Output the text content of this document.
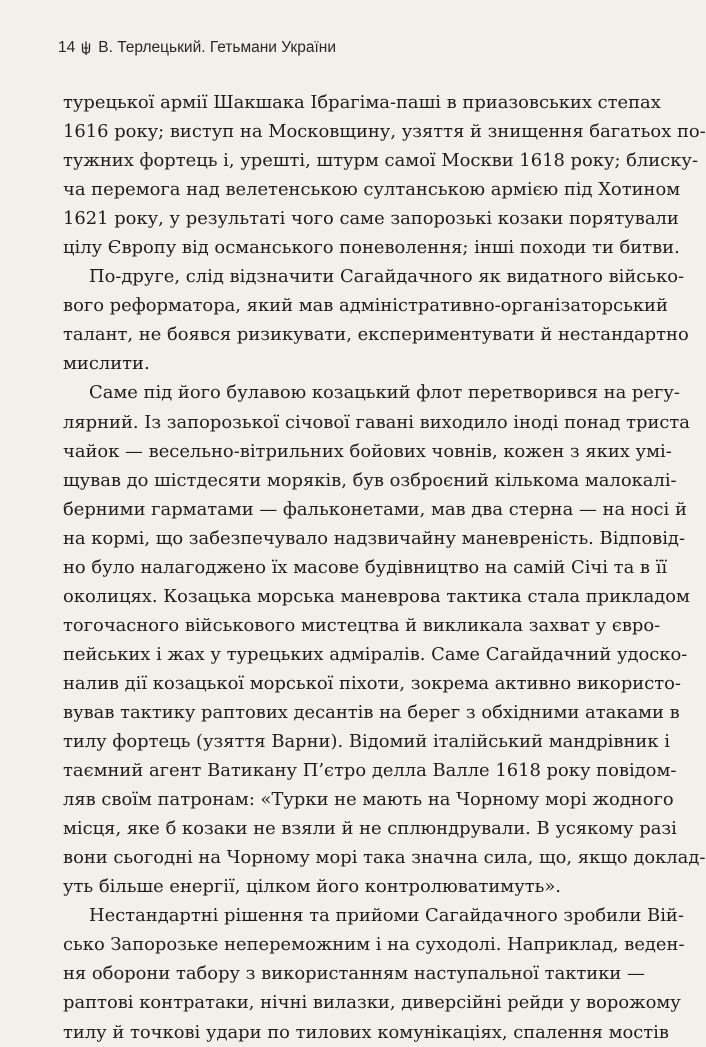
14 В. Терлецький. Гетьмани України
турецької армії Шакшака Ібрагіма-паші в приазовських степах
1616 року; виступ на Московщину, узяття й знищення багатьох по-
тужних фортець і, урешті, штурм самої Москви 1618 року; блиску-
ча перемога над велетенською султанською армією під Хотином
1621 року, у результаті чого саме запорозькі козаки порятували
цілу Європу від османського поневолення; інші походи ти битви.
По-друге, слід відзначити Сагайдачного як видатного військо-
вого реформатора, який мав адміністративно-організаторський
талант, не боявся ризикувати, експериментувати й нестандартно
мислити.
Саме під його булавою козацький флот перетворився на регу-
лярний. Із запорозької січової гавані виходило іноді понад триста
чайок — весельно-вітрильних бойових човнів, кожен з яких умі-
щував до шістдесяти моряків, був озброєний кількома малокалі-
берними гарматами — фальконетами, мав два стерна — на носі й
на кормі, що забезпечувало надзвичайну маневреність. Відповід-
но було налагоджено їх масове будівництво на самій Січі та в її
околицях. Козацька морська маневрова тактика стала прикладом
тогочасного військового мистецтва й викликала захват у євро-
пейських і жах у турецьких адміралів. Саме Сагайдачний удоско-
налив дії козацької морської піхоти, зокрема активно використо-
вував тактику раптових десантів на берег з обхідними атаками в
тилу фортець (узяття Варни). Відомий італійський мандрівник і
таємний агент Ватикану П’єтро делла Валле 1618 року повідом-
ляв своїм патронам: «Турки не мають на Чорному морі жодного
місця, яке б козаки не взяли й не сплюндрували. В усякому разі
вони сьогодні на Чорному морі така значна сила, що, якщо доклад-
уть більше енергії, цілком його контролюватимуть».
Нестандартні рішення та прийоми Сагайдачного зробили Вій-
сько Запорозьке непереможним і на суходолі. Наприклад, веден-
ня оборони табору з використанням наступальної тактики —
раптові контратаки, нічні вилазки, диверсійні рейди у ворожому
тилу й точкові удари по тилових комунікаціях, спалення мостів
